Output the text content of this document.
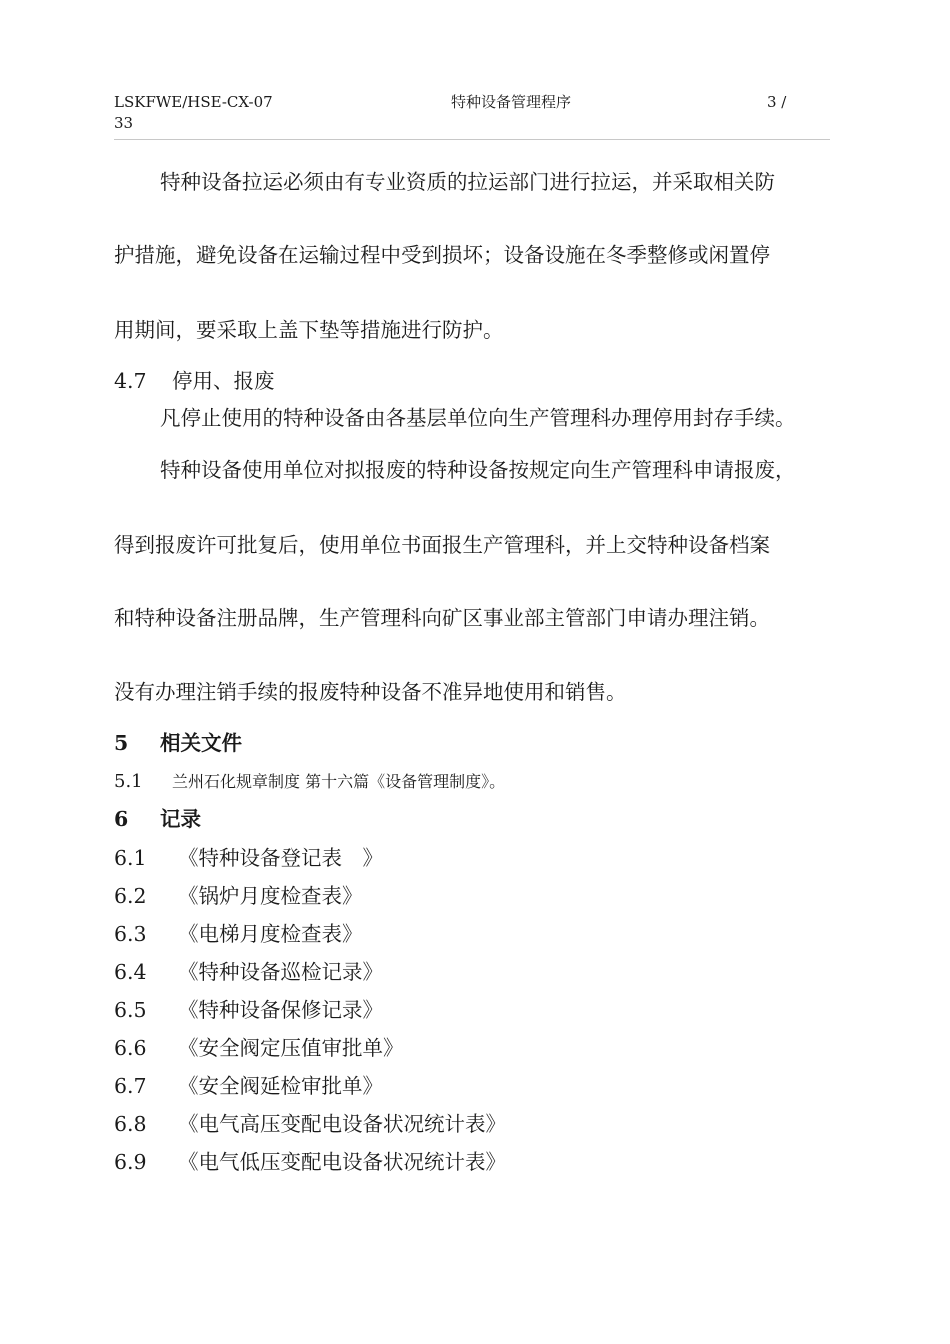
LSKFWE/HSE-CX-07
33
特种设备管理程序	3 /
特种设备拉运必须由有专业资质的拉运部门进行拉运，并采取相关防
护措施，避免设备在运输过程中受到损坏；设备设施在冬季整修或闲置停
用期间，要采取上盖下垫等措施进行防护。
4.7 停用、报废
凡停止使用的特种设备由各基层单位向生产管理科办理停用封存手续。
特种设备使用单位对拟报废的特种设备按规定向生产管理科申请报废，
得到报废许可批复后，使用单位书面报生产管理科，并上交特种设备档案
和特种设备注册品牌，生产管理科向矿区事业部主管部门申请办理注销。
没有办理注销手续的报废特种设备不准异地使用和销售。
5 相关文件
5.1 兰州石化规章制度 第十六篇《设备管理制度》。
6 记录
6.1 《特种设备登记表　》
6.2 《锅炉月度检查表》
6.3 《电梯月度检查表》
6.4 《特种设备巡检记录》
6.5 《特种设备保修记录》
6.6 《安全阀定压值审批单》
6.7 《安全阀延检审批单》
6.8 《电气高压变配电设备状况统计表》
6.9 《电气低压变配电设备状况统计表》
